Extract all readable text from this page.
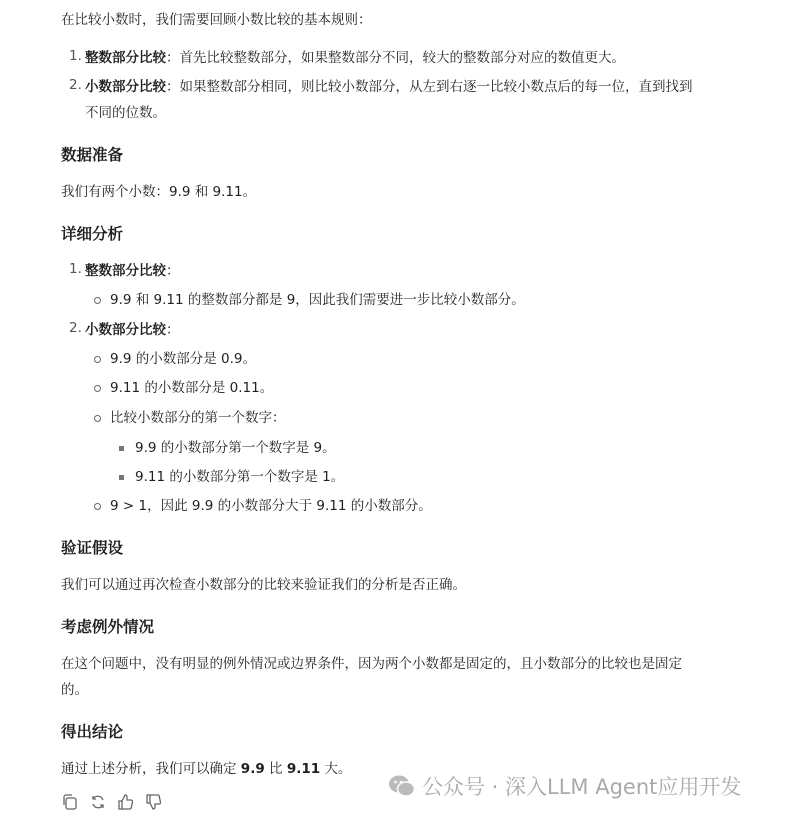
在比较小数时，我们需要回顾小数比较的基本规则：
1. 整数部分比较：首先比较整数部分，如果整数部分不同，较大的整数部分对应的数值更大。
2. 小数部分比较：如果整数部分相同，则比较小数部分，从左到右逐一比较小数点后的每一位，直到找到
不同的位数。
数据准备
我们有两个小数：9.9 和 9.11。
详细分析
1. 整数部分比较：
9.9 和 9.11 的整数部分都是 9，因此我们需要进一步比较小数部分。
2. 小数部分比较：
9.9 的小数部分是 0.9。
9.11 的小数部分是 0.11。
比较小数部分的第一个数字：
9.9 的小数部分第一个数字是 9。
9.11 的小数部分第一个数字是 1。
9 > 1，因此 9.9 的小数部分大于 9.11 的小数部分。
验证假设
我们可以通过再次检查小数部分的比较来验证我们的分析是否正确。
考虑例外情况
在这个问题中，没有明显的例外情况或边界条件，因为两个小数都是固定的，且小数部分的比较也是固定
的。
得出结论
通过上述分析，我们可以确定 9.9 比 9.11 大。
公众号 · 深入LLM Agent应用开发
